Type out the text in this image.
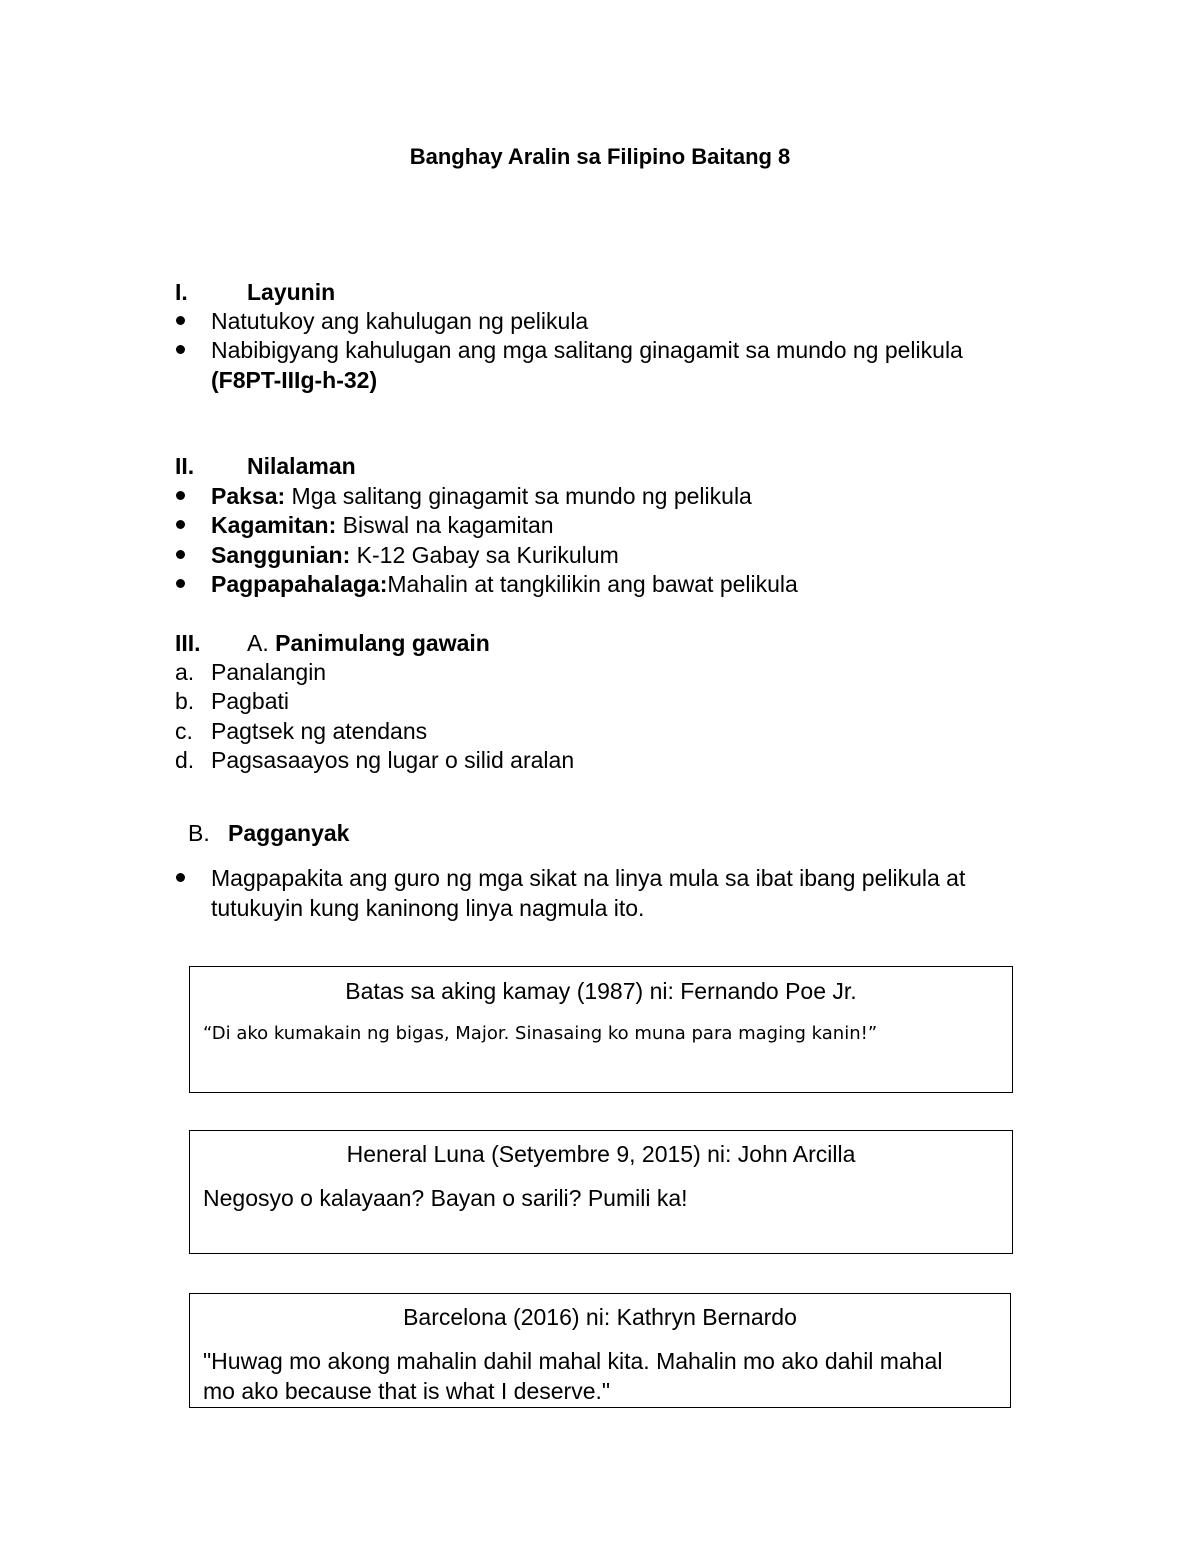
Banghay Aralin sa Filipino Baitang 8
I.	Layunin
Natutukoy ang kahulugan ng pelikula
Nabibigyang kahulugan ang mga salitang ginagamit sa mundo ng pelikula
(F8PT-IIIg-h-32)
II. Nilalaman
Paksa: Mga salitang ginagamit sa mundo ng pelikula
Kagamitan: Biswal na kagamitan
Sanggunian: K-12 Gabay sa Kurikulum
Pagpapahalaga:Mahalin at tangkilikin ang bawat pelikula
III. A. Panimulang gawain
a. Panalangin
b. Pagbati
c. Pagtsek ng atendans
d. Pagsasaayos ng lugar o silid aralan
B. Pagganyak
Magpapakita ang guro ng mga sikat na linya mula sa ibat ibang pelikula at
tutukuyin kung kaninong linya nagmula ito.
Batas sa aking kamay (1987) ni: Fernando Poe Jr.
“Di ako kumakain ng bigas, Major. Sinasaing ko muna para maging kanin!”
Heneral Luna (Setyembre 9, 2015) ni: John Arcilla
Negosyo o kalayaan? Bayan o sarili? Pumili ka!
Barcelona (2016) ni: Kathryn Bernardo
"Huwag mo akong mahalin dahil mahal kita. Mahalin mo ako dahil mahal
mo ako because that is what I deserve."
